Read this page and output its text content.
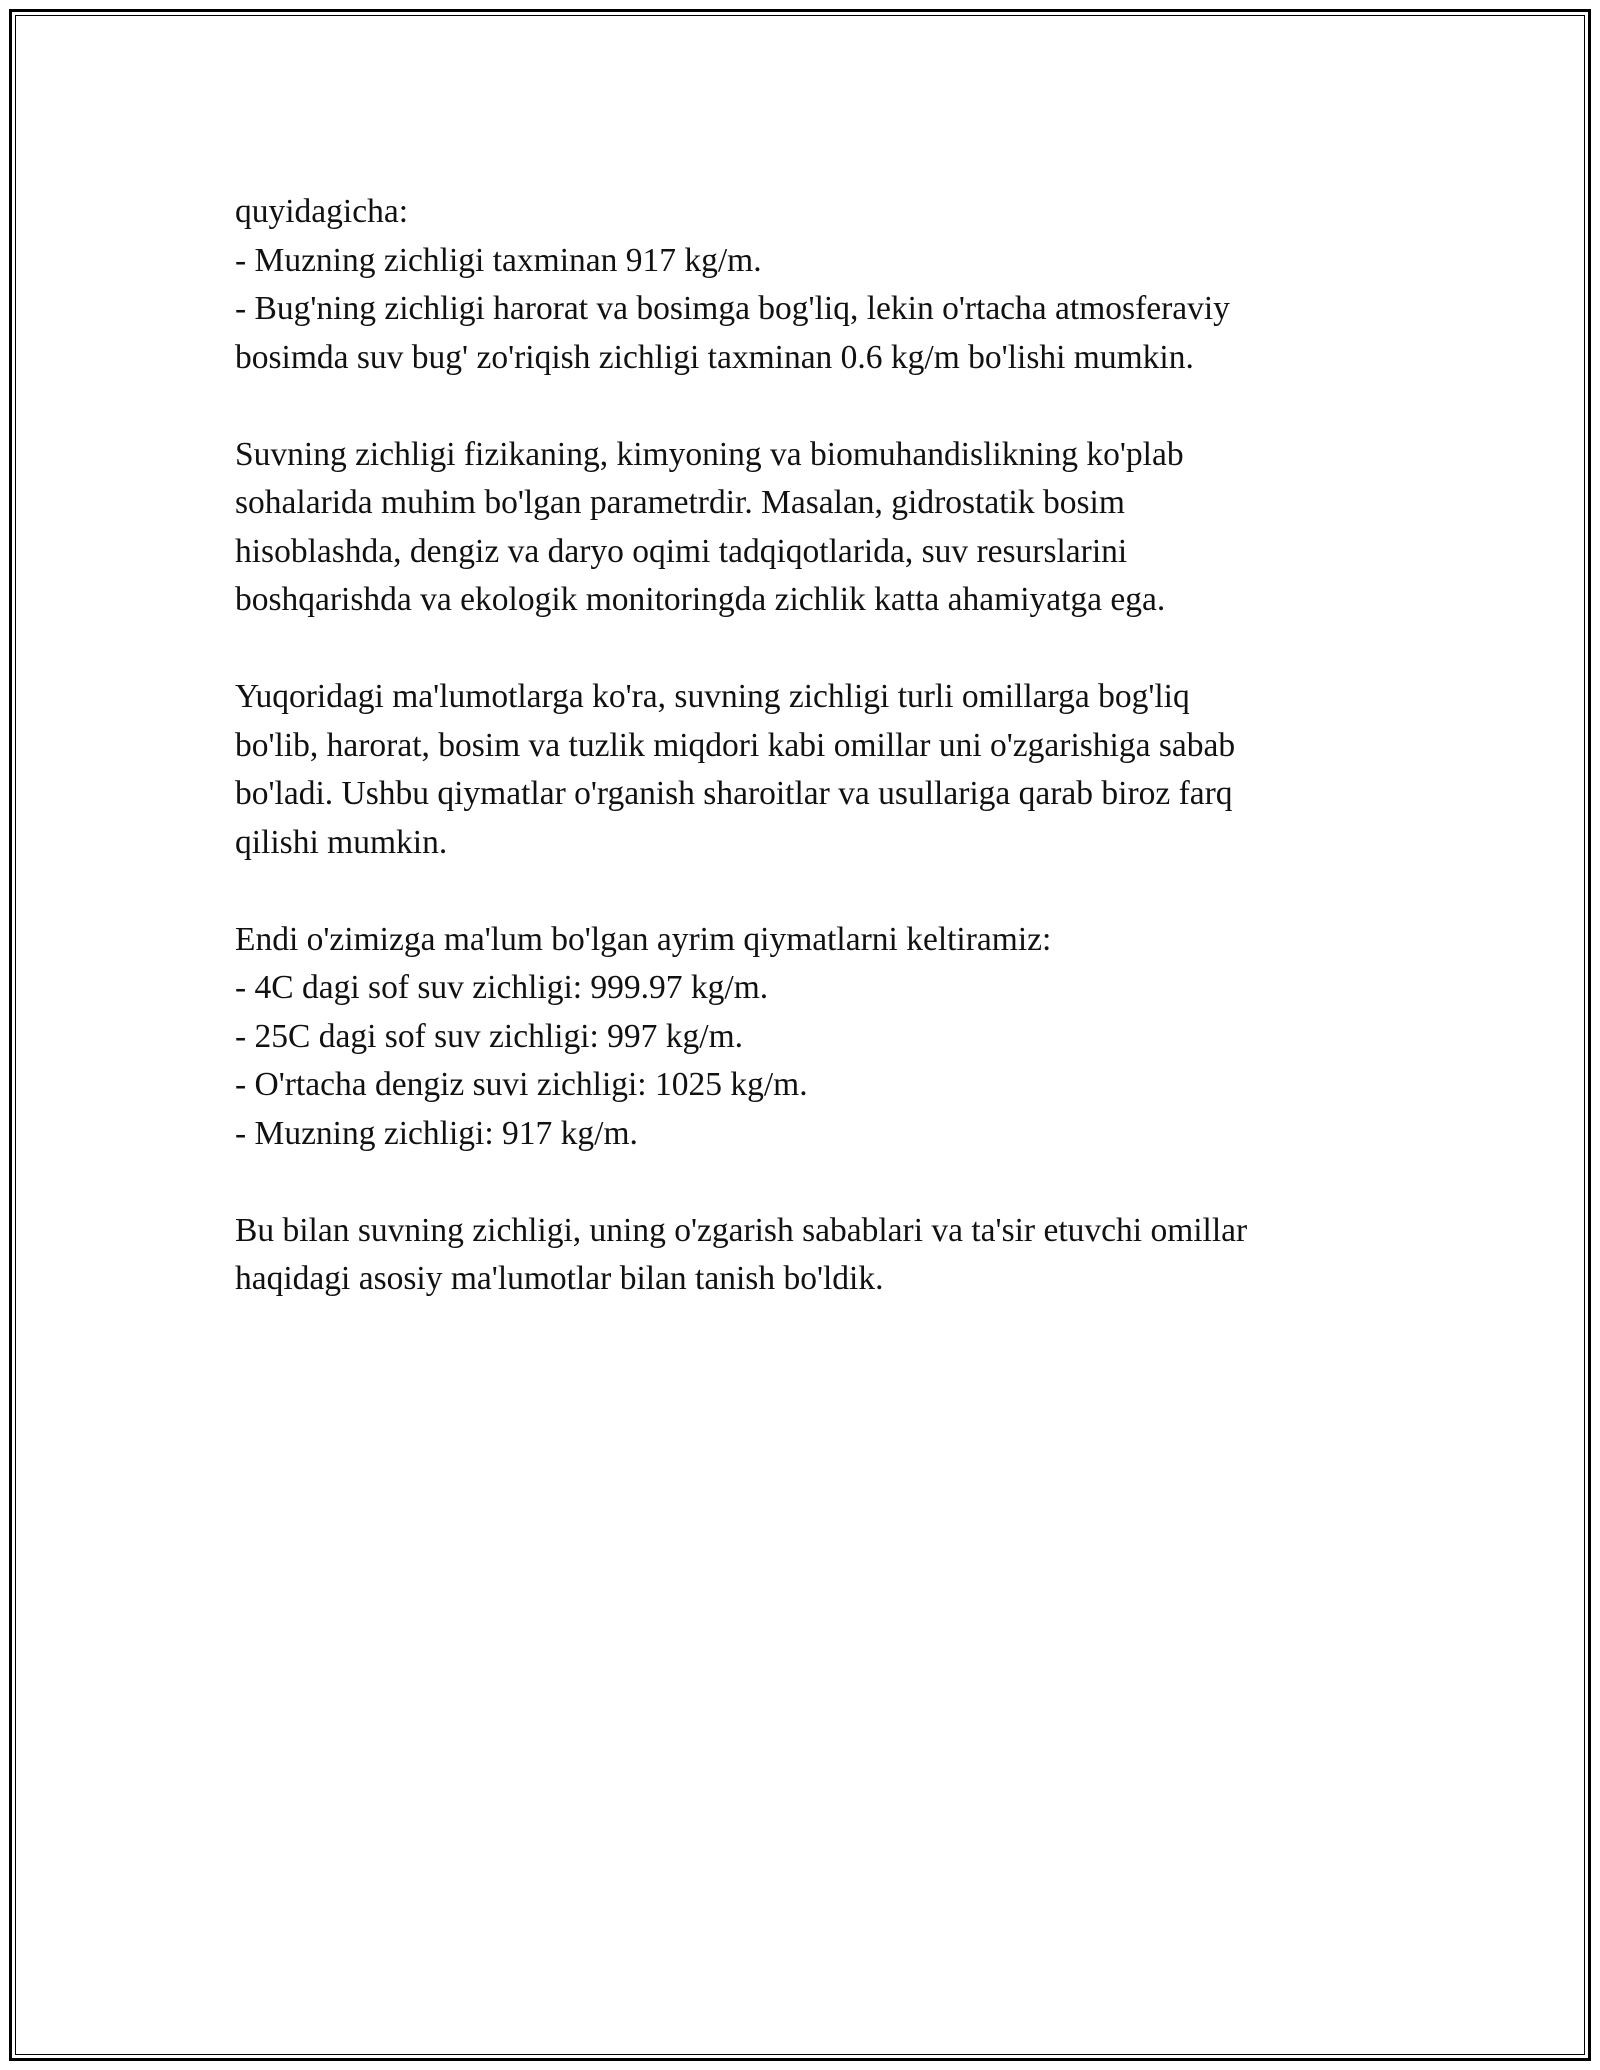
quyidagicha:
- Muzning zichligi taxminan 917 kg/m.
- Bug'ning zichligi harorat va bosimga bog'liq, lekin o'rtacha atmosferaviy
bosimda suv bug' zo'riqish zichligi taxminan 0.6 kg/m bo'lishi mumkin.

Suvning zichligi fizikaning, kimyoning va biomuhandislikning ko'plab
sohalarida muhim bo'lgan parametrdir. Masalan, gidrostatik bosim
hisoblashda, dengiz va daryo oqimi tadqiqotlarida, suv resurslarini
boshqarishda va ekologik monitoringda zichlik katta ahamiyatga ega.

Yuqoridagi ma'lumotlarga ko'ra, suvning zichligi turli omillarga bog'liq
bo'lib, harorat, bosim va tuzlik miqdori kabi omillar uni o'zgarishiga sabab
bo'ladi. Ushbu qiymatlar o'rganish sharoitlar va usullariga qarab biroz farq
qilishi mumkin.

Endi o'zimizga ma'lum bo'lgan ayrim qiymatlarni keltiramiz:
- 4C dagi sof suv zichligi: 999.97 kg/m.
- 25C dagi sof suv zichligi: 997 kg/m.
- O'rtacha dengiz suvi zichligi: 1025 kg/m.
- Muzning zichligi: 917 kg/m.

Bu bilan suvning zichligi, uning o'zgarish sabablari va ta'sir etuvchi omillar
haqidagi asosiy ma'lumotlar bilan tanish bo'ldik.
